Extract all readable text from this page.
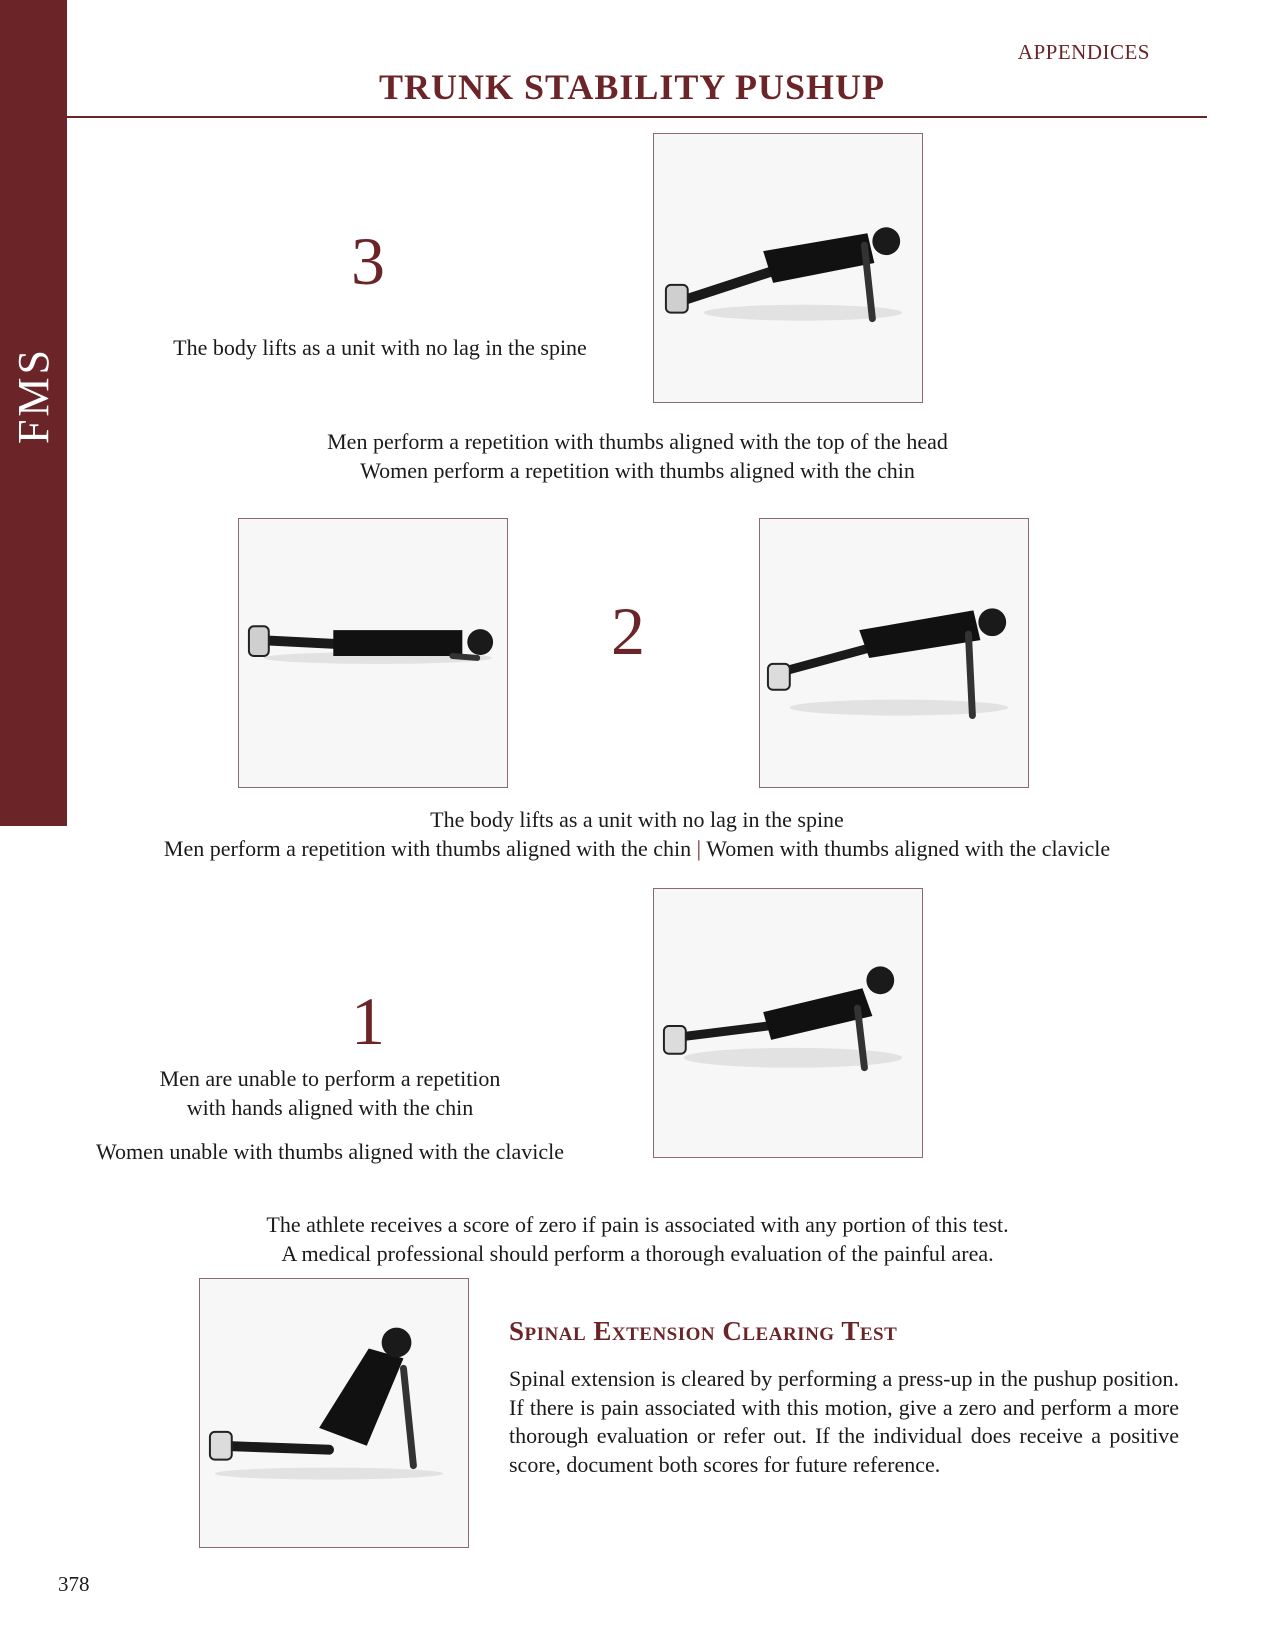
FMS
APPENDICES
TRUNK STABILITY PUSHUP
3
The body lifts as a unit with no lag in the spine
Men perform a repetition with thumbs aligned with the top of the head
Women perform a repetition with thumbs aligned with the chin
2
The body lifts as a unit with no lag in the spine
Men perform a repetition with thumbs aligned with the chin | Women with thumbs aligned with the clavicle
1
Men are unable to perform a repetition
with hands aligned with the chin
Women unable with thumbs aligned with the clavicle
The athlete receives a score of zero if pain is associated with any portion of this test.
A medical professional should perform a thorough evaluation of the painful area.
Spinal Extension Clearing Test
Spinal extension is cleared by performing a press-up in the pushup position. If there is pain associated with this motion, give a zero and perform a more thorough evaluation or refer out. If the individual does receive a positive score, document both scores for future reference.
378
